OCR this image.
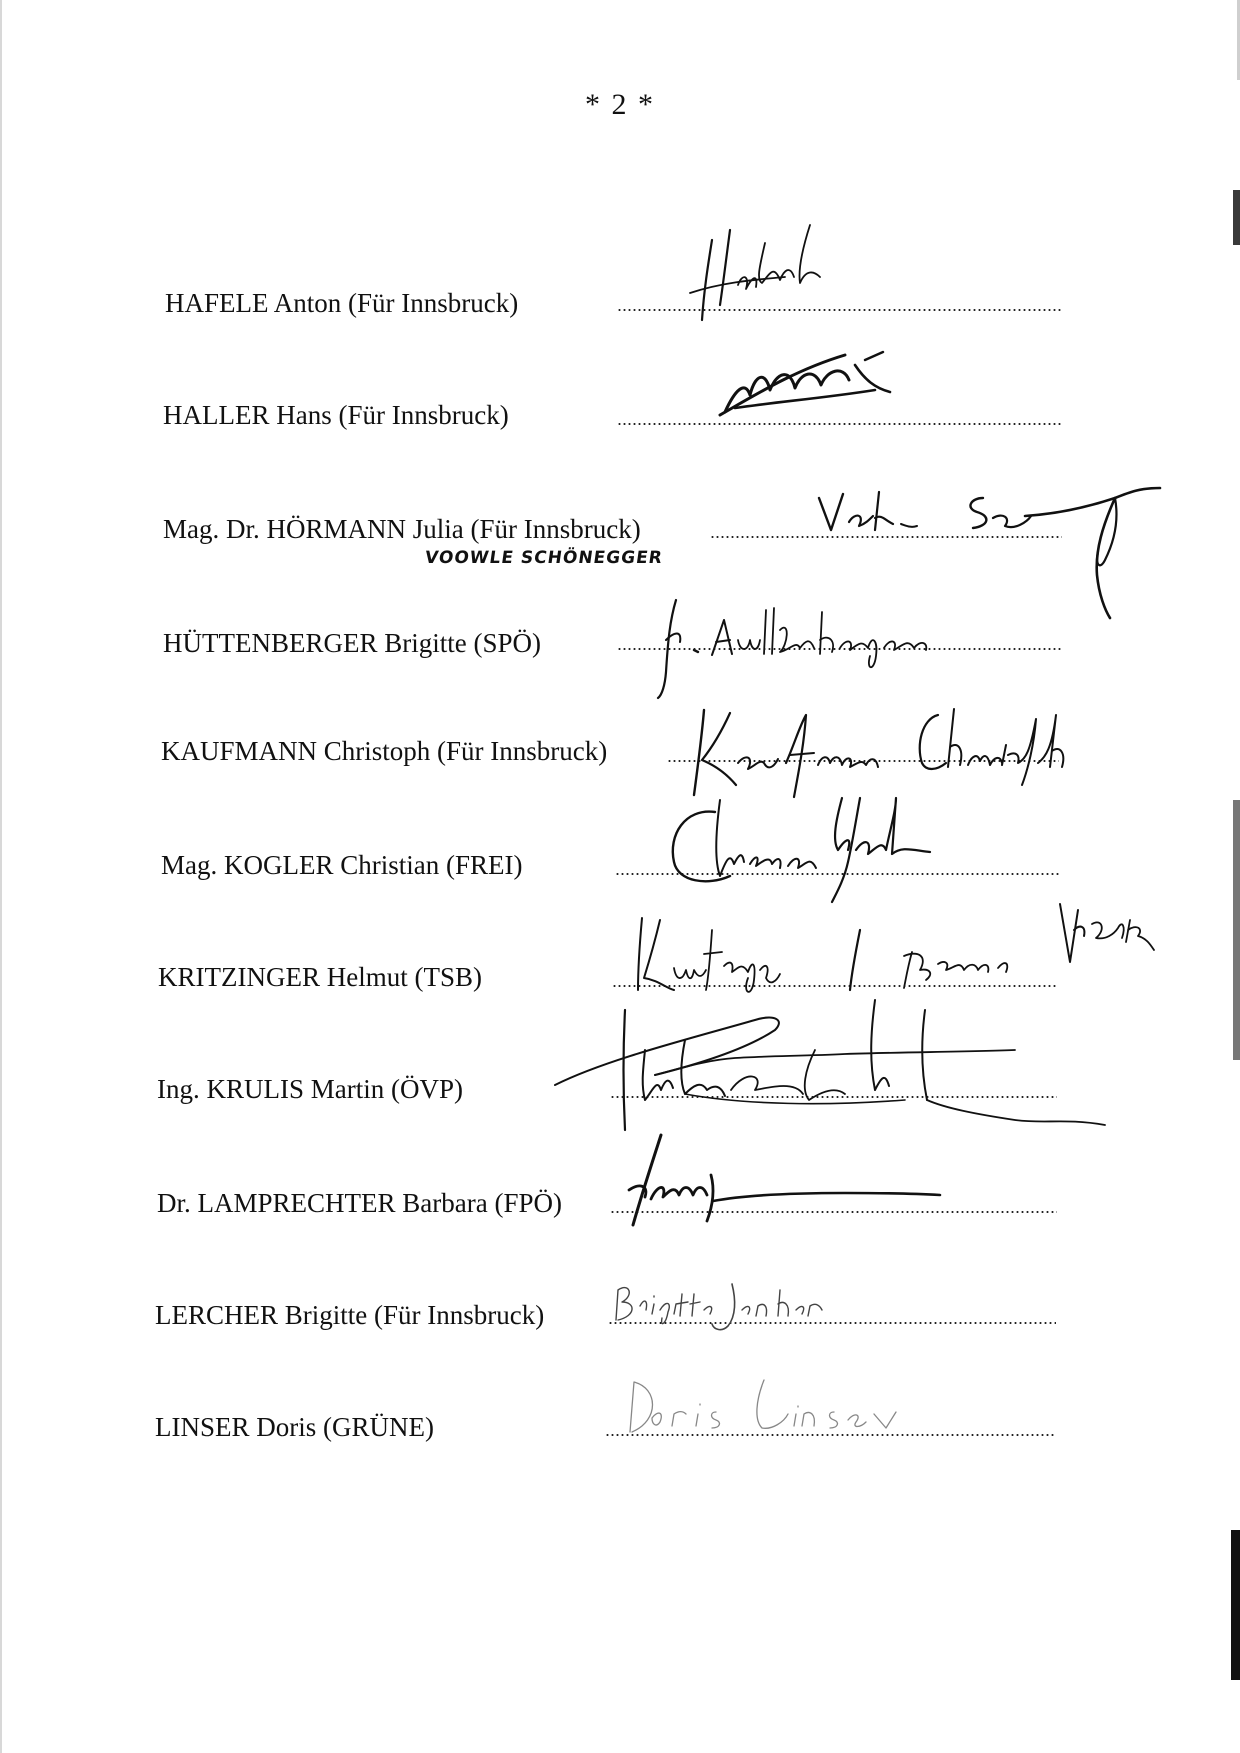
* 2 *
HAFELE Anton (Für Innsbruck)
HALLER Hans (Für Innsbruck)
Mag. Dr. HÖRMANN Julia (Für Innsbruck)
HÜTTENBERGER Brigitte (SPÖ)
KAUFMANN Christoph (Für Innsbruck)
Mag. KOGLER Christian (FREI)
KRITZINGER Helmut (TSB)
Ing. KRULIS Martin (ÖVP)
Dr. LAMPRECHTER Barbara (FPÖ)
LERCHER Brigitte (Für Innsbruck)
LINSER Doris (GRÜNE)
VOOWLE SCHÖNEGGER
